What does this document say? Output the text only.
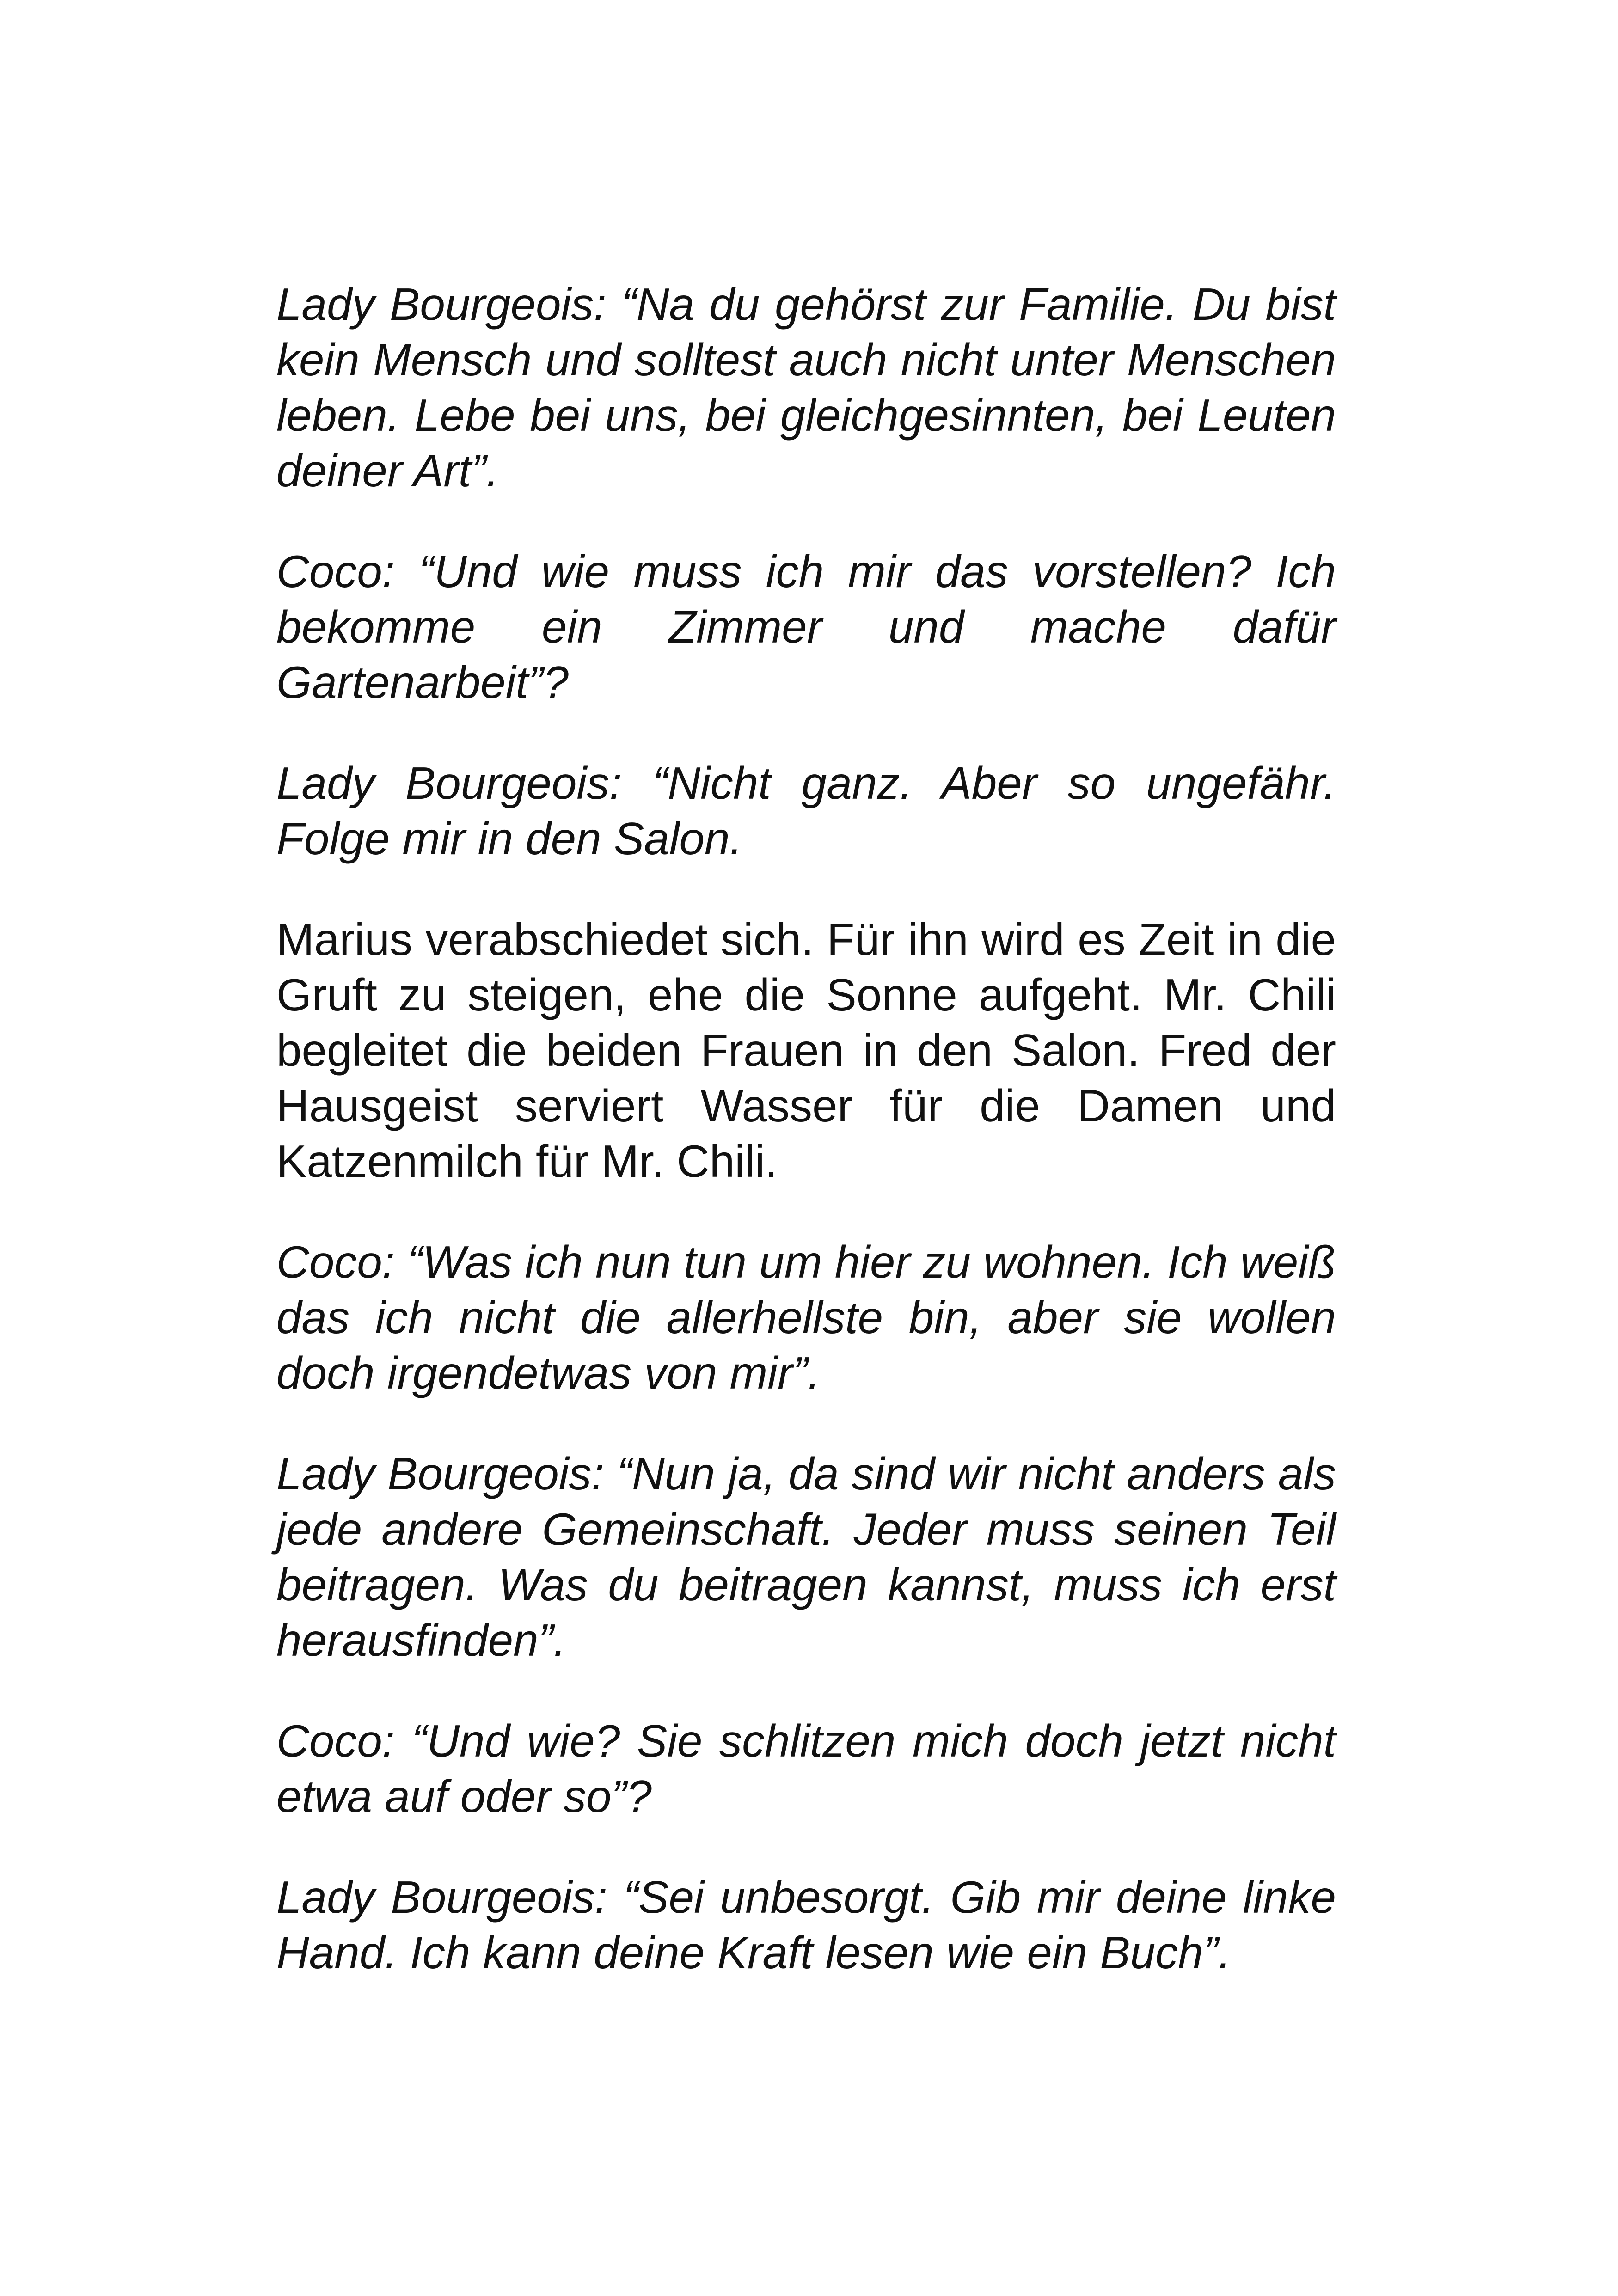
Lady Bourgeois: “Na du gehörst zur Familie. Du bist kein Mensch und solltest auch nicht unter Menschen leben. Lebe bei uns, bei gleichgesinnten, bei Leuten deiner Art”.

Coco: “Und wie muss ich mir das vorstellen? Ich bekomme ein Zimmer und mache dafür Gartenarbeit”?

Lady Bourgeois: “Nicht ganz. Aber so ungefähr. Folge mir in den Salon.

Marius verabschiedet sich. Für ihn wird es Zeit in die Gruft zu steigen, ehe die Sonne aufgeht. Mr. Chili begleitet die beiden Frauen in den Salon. Fred der Hausgeist serviert Wasser für die Damen und Katzenmilch für Mr. Chili.

Coco: “Was ich nun tun um hier zu wohnen. Ich weiß das ich nicht die allerhellste bin, aber sie wollen doch irgendetwas von mir”.

Lady Bourgeois: “Nun ja, da sind wir nicht anders als jede andere Gemeinschaft. Jeder muss seinen Teil beitragen. Was du beitragen kannst, muss ich erst herausfinden”.

Coco: “Und wie? Sie schlitzen mich doch jetzt nicht etwa auf oder so”?

Lady Bourgeois: “Sei unbesorgt. Gib mir deine linke Hand. Ich kann deine Kraft lesen wie ein Buch”.
